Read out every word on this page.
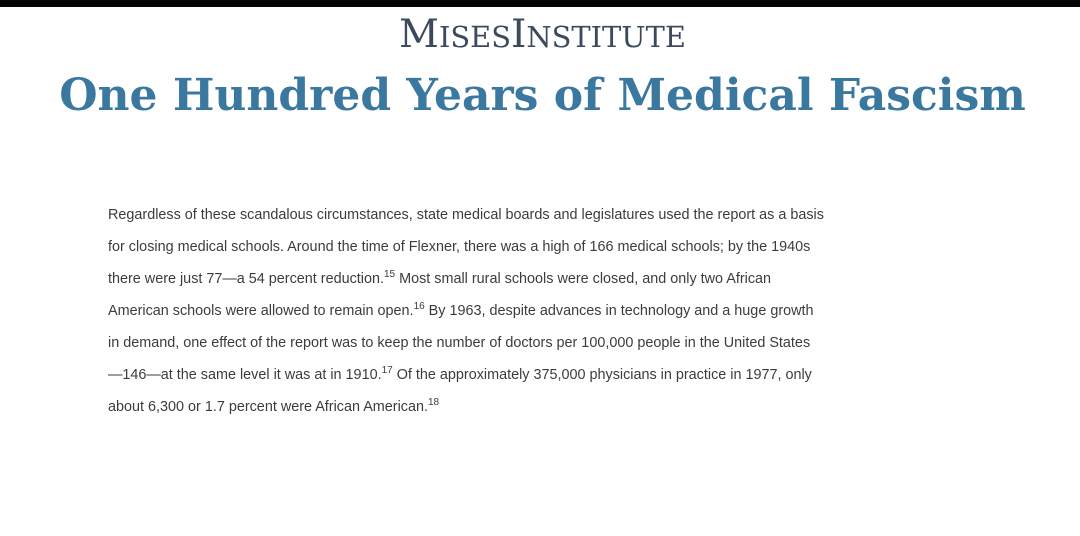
MISESINSTITUTE
One Hundred Years of Medical Fascism

Regardless of these scandalous circumstances, state medical boards and legislatures used the report as a basis
for closing medical schools. Around the time of Flexner, there was a high of 166 medical schools; by the 1940s
there were just 77—a 54 percent reduction.$^{15}$ Most small rural schools were closed, and only two African
American schools were allowed to remain open.$^{16}$ By 1963, despite advances in technology and a huge growth
in demand, one effect of the report was to keep the number of doctors per 100,000 people in the United States
—146—at the same level it was at in 1910.17 Of the approximately 375,000 physicians in practice in 1977, only
about 6,300 or 1.7 percent were African American.$^{18}$
